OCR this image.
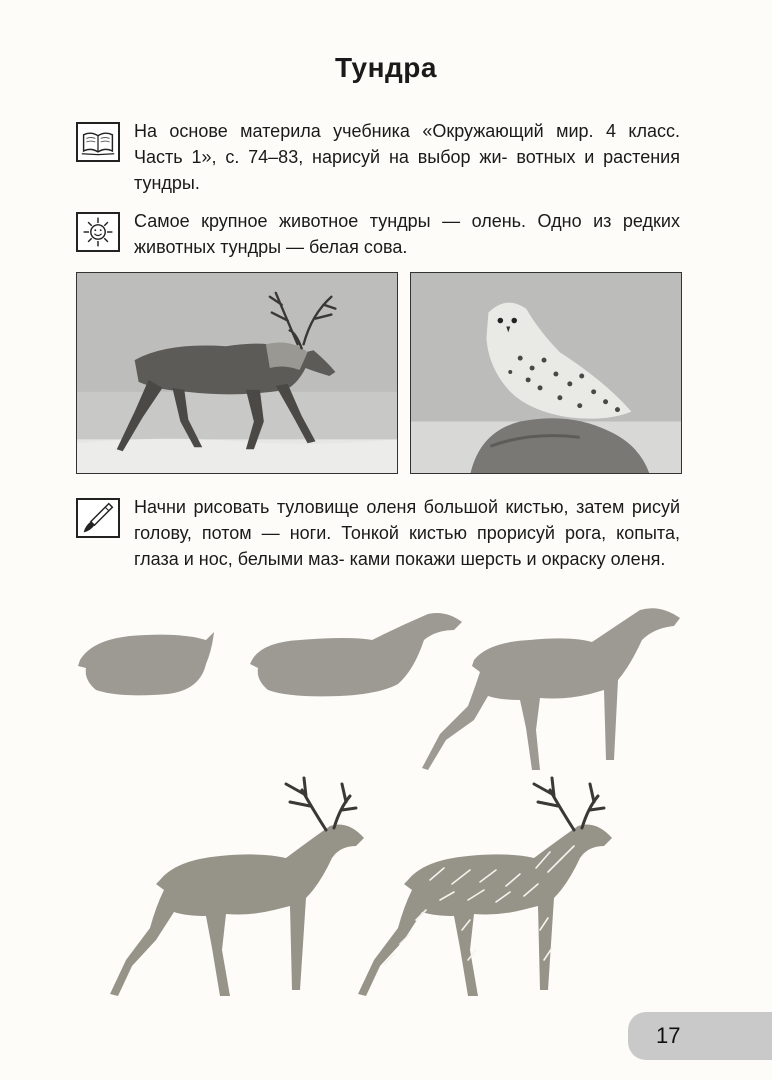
Тундра

На основе материла учебника «Окружающий мир. 4 класс. Часть 1», с. 74–83, нарисуй на выбор жи- вотных и растения тундры.

Самое крупное животное тундры — олень. Одно из редких животных тундры — белая сова.

Начни рисовать туловище оленя большой кистью, затем рисуй голову, потом — ноги. Тонкой кистью прорисуй рога, копыта, глаза и нос, белыми маз- ками покажи шерсть и окраску оленя.

17
